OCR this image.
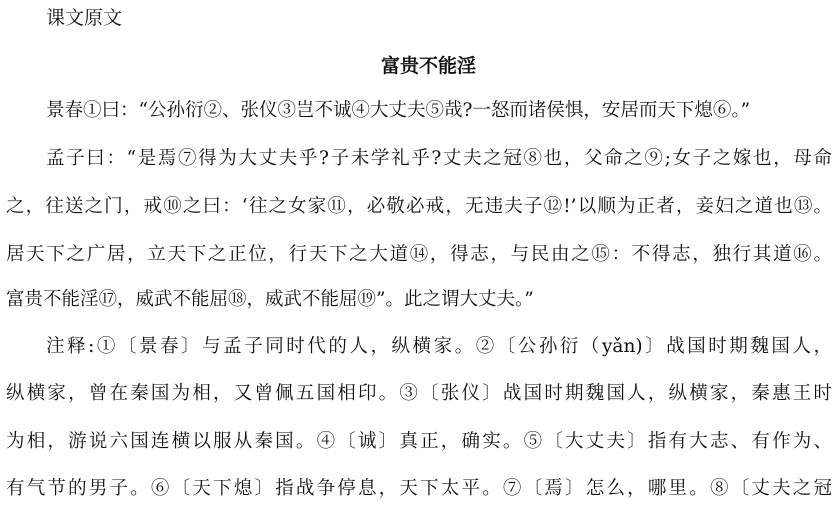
课文原文
富贵不能淫
景春①曰：“公孙衍②、张仪③岂不诚④大丈夫⑤哉?一怒而诸侯惧，安居而天下熄⑥。”
孟子曰：“是焉⑦得为大丈夫乎?子未学礼乎?丈夫之冠⑧也，父命之⑨;女子之嫁也，母命
之，往送之门，戒⑩之曰：‘往之女家⑪，必敬必戒，无违夫子⑫!’以顺为正者，妾妇之道也⑬。
居天下之广居，立天下之正位，行天下之大道⑭，得志，与民由之⑮：不得志，独行其道⑯。
富贵不能淫⑰，威武不能屈⑱，威武不能屈⑲”。此之谓大丈夫。”
注释:①〔景春〕与孟子同时代的人，纵横家。②〔公孙衍（yǎn)〕战国时期魏国人，
纵横家，曾在秦国为相，又曾佩五国相印。③〔张仪〕战国时期魏国人，纵横家，秦惠王时
为相，游说六国连横以服从秦国。④〔诚〕真正，确实。⑤〔大丈夫〕指有大志、有作为、
有气节的男子。⑥〔天下熄〕指战争停息，天下太平。⑦〔焉〕怎么，哪里。⑧〔丈夫之冠
